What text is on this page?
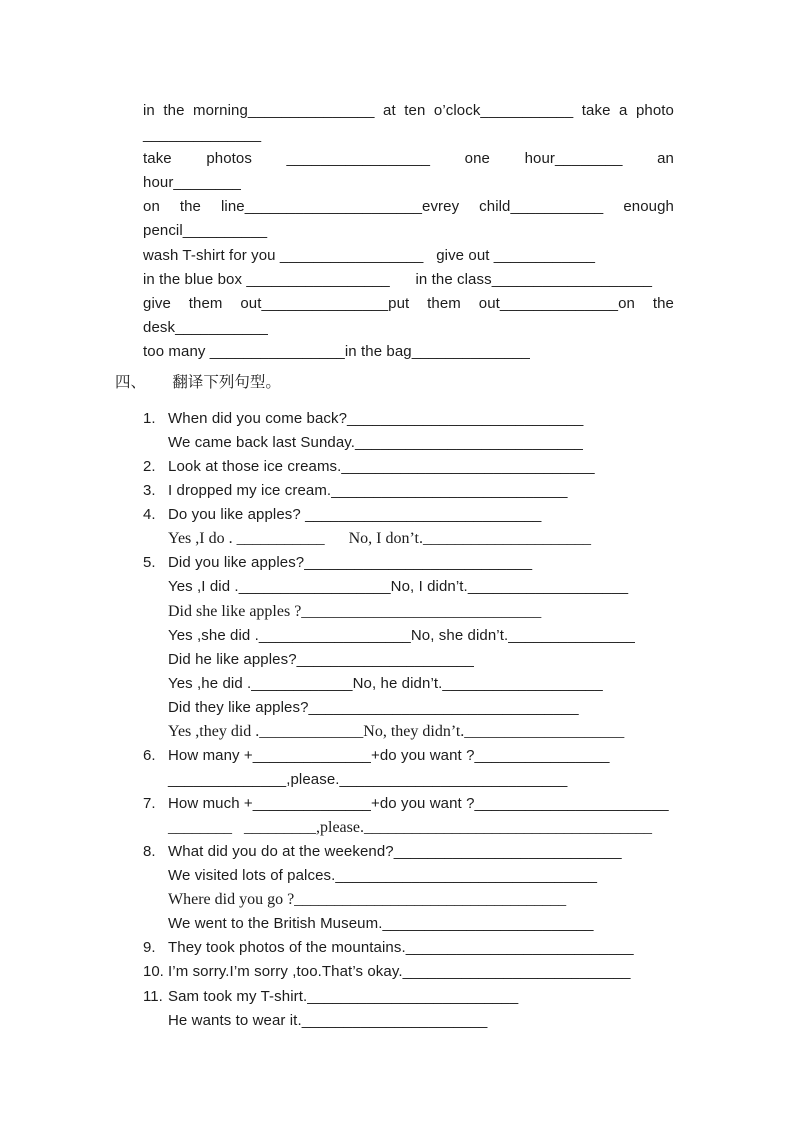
in the morning_______________ at ten o’clock___________ take a photo
______________
take photos _________________ one hour________ an
hour________
on the line_____________________evrey child___________ enough
pencil__________
wash T-shirt for you _________________   give out ____________
in the blue box _________________      in the class___________________
give them out_______________put them out______________on the
desk___________
too many ________________in the bag______________
四、 翻译下列句型。
1. When did you come back?____________________________
We came back last Sunday.___________________________
2. Look at those ice creams.______________________________
3. I dropped my ice cream.____________________________
4. Do you like apples? ____________________________
Yes ,I do . ___________      No, I don’t._____________________
5. Did you like apples?___________________________
Yes ,I did .__________________No, I didn’t.___________________
Did she like apples ?______________________________
Yes ,she did .__________________No, she didn’t._______________
Did he like apples?_____________________
Yes ,he did .____________No, he didn’t.___________________
Did they like apples?________________________________
Yes ,they did ._____________No, they didn’t.____________________
6. How many +______________+do you want ?________________
______________,please.___________________________
7. How much +______________+do you want ?_______________________
________   _________,please.____________________________________
8. What did you do at the weekend?___________________________
We visited lots of palces._______________________________
Where did you go ?__________________________________
We went to the British Museum._________________________
9. They took photos of the mountains.___________________________
10. I’m sorry.I’m sorry ,too.That’s okay.___________________________
11. Sam took my T-shirt._________________________
He wants to wear it.______________________
